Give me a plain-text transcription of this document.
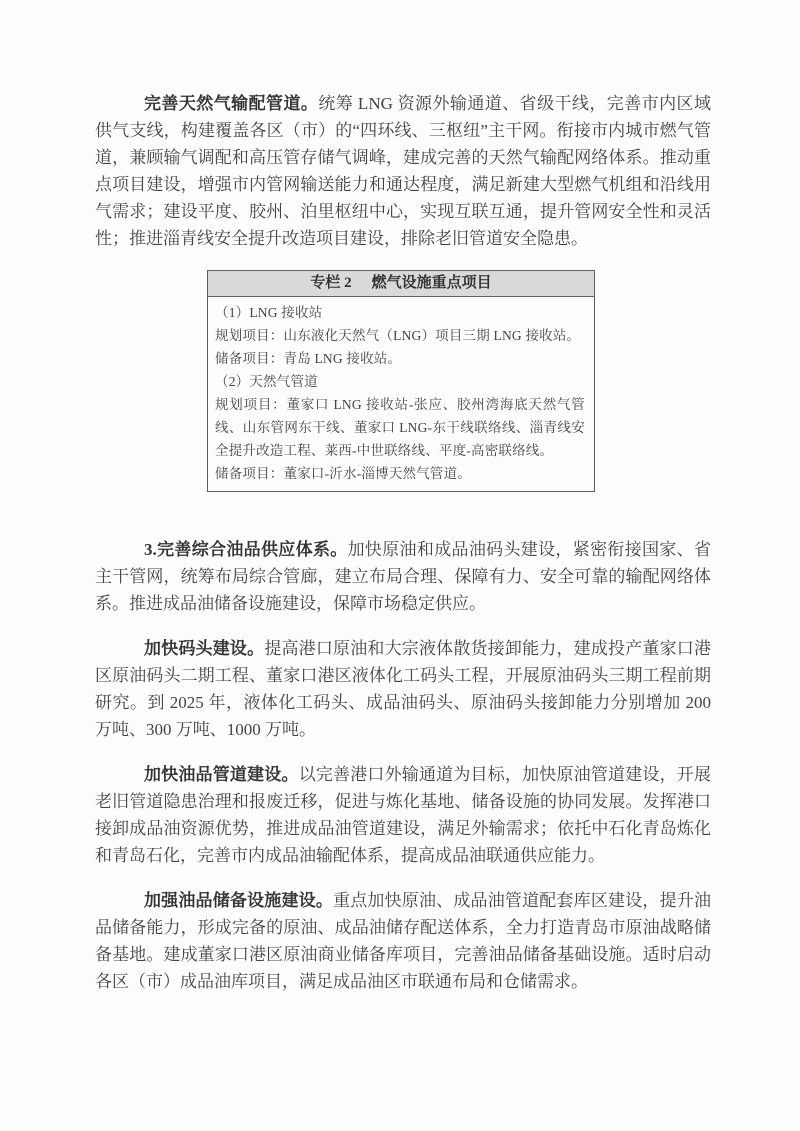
完善天然气输配管道。统筹 LNG 资源外输通道、省级干线，完善市内区域供气支线，构建覆盖各区（市）的“四环线、三枢纽”主干网。衔接市内城市燃气管道，兼顾输气调配和高压管存储气调峰，建成完善的天然气输配网络体系。推动重点项目建设，增强市内管网输送能力和通达程度，满足新建大型燃气机组和沿线用气需求；建设平度、胶州、泊里枢纽中心，实现互联互通，提升管网安全性和灵活性；推进淄青线安全提升改造项目建设，排除老旧管道安全隐患。

专栏 2 燃气设施重点项目

（1）LNG 接收站

规划项目：山东液化天然气（LNG）项目三期 LNG 接收站。

储备项目：青岛 LNG 接收站。

（2）天然气管道

规划项目：董家口 LNG 接收站-张应、胶州湾海底天然气管线、山东管网东干线、董家口 LNG-东干线联络线、淄青线安全提升改造工程、莱西-中世联络线、平度-高密联络线。

储备项目：董家口-沂水-淄博天然气管道。

3.完善综合油品供应体系。加快原油和成品油码头建设，紧密衔接国家、省主干管网，统筹布局综合管廊，建立布局合理、保障有力、安全可靠的输配网络体系。推进成品油储备设施建设，保障市场稳定供应。

加快码头建设。提高港口原油和大宗液体散货接卸能力，建成投产董家口港区原油码头二期工程、董家口港区液体化工码头工程，开展原油码头三期工程前期研究。到 2025 年，液体化工码头、成品油码头、原油码头接卸能力分别增加 200 万吨、300 万吨、1000 万吨。

加快油品管道建设。以完善港口外输通道为目标，加快原油管道建设，开展老旧管道隐患治理和报废迁移，促进与炼化基地、储备设施的协同发展。发挥港口接卸成品油资源优势，推进成品油管道建设，满足外输需求；依托中石化青岛炼化和青岛石化，完善市内成品油输配体系，提高成品油联通供应能力。

加强油品储备设施建设。重点加快原油、成品油管道配套库区建设，提升油品储备能力，形成完备的原油、成品油储存配送体系，全力打造青岛市原油战略储备基地。建成董家口港区原油商业储备库项目，完善油品储备基础设施。适时启动各区（市）成品油库项目，满足成品油区市联通布局和仓储需求。
